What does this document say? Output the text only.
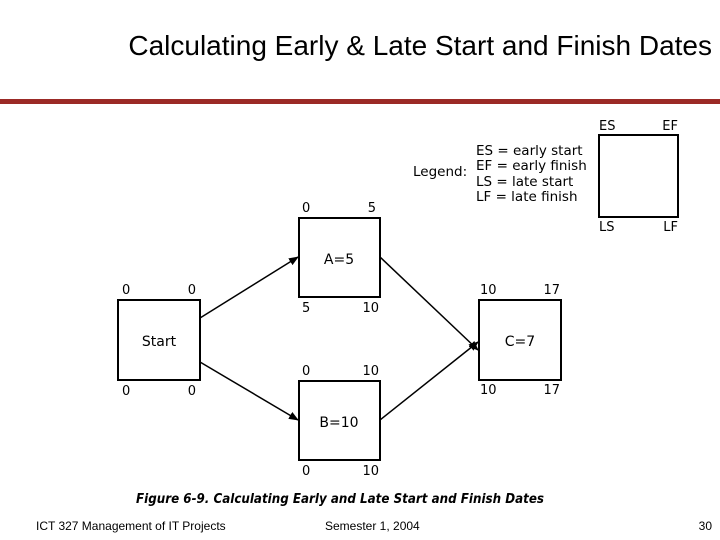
Calculating Early & Late Start and Finish Dates
Legend:
ES = early start
EF = early finish
LS = late start
LF = late finish
ES	EF
LS	LF
Start
0	0
0	0
A=5
0	5
5	10
B=10
0	10
0	10
C=7
10	17
10	17
Figure 6-9. Calculating Early and Late Start and Finish Dates
ICT 327 Management of IT Projects	Semester 1, 2004	30
